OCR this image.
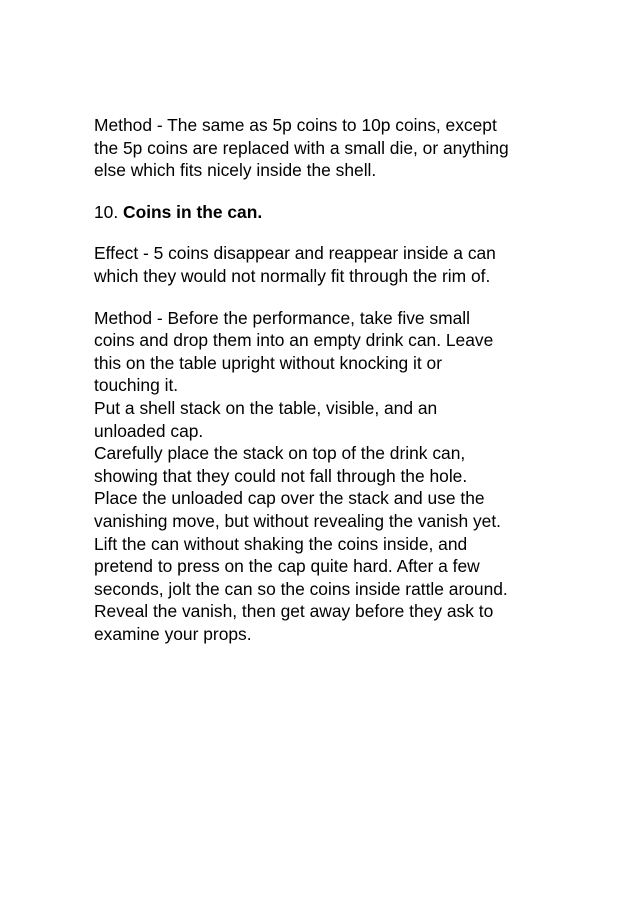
Method - The same as 5p coins to 10p coins, except
the 5p coins are replaced with a small die, or anything
else which fits nicely inside the shell.
10. Coins in the can.
Effect - 5 coins disappear and reappear inside a can
which they would not normally fit through the rim of.
Method - Before the performance, take five small
coins and drop them into an empty drink can. Leave
this on the table upright without knocking it or
touching it.
Put a shell stack on the table, visible, and an
unloaded cap.
Carefully place the stack on top of the drink can,
showing that they could not fall through the hole.
Place the unloaded cap over the stack and use the
vanishing move, but without revealing the vanish yet.
Lift the can without shaking the coins inside, and
pretend to press on the cap quite hard. After a few
seconds, jolt the can so the coins inside rattle around.
Reveal the vanish, then get away before they ask to
examine your props.
